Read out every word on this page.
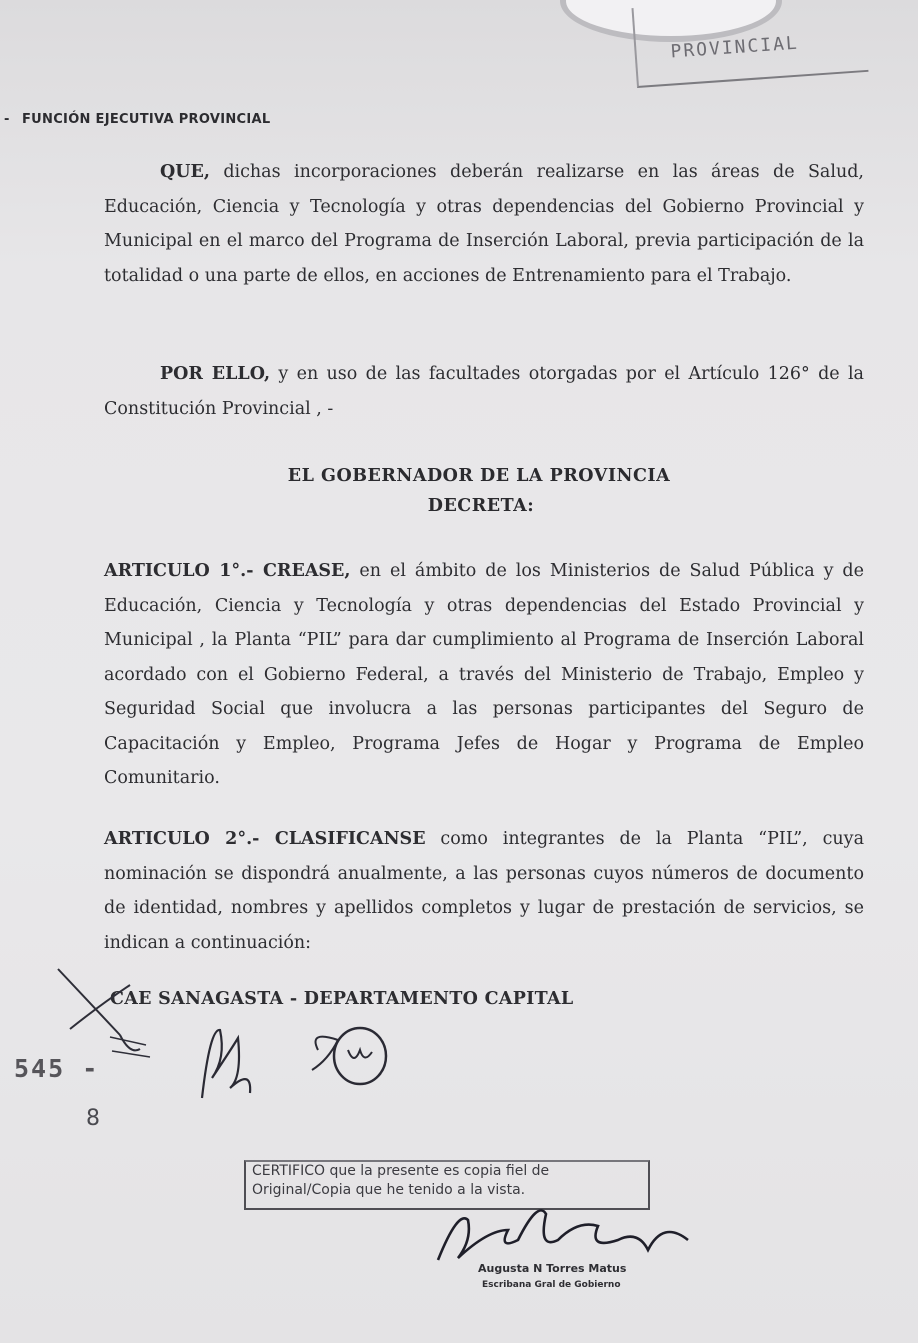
PROVINCIAL
- FUNCIÓN EJECUTIVA PROVINCIAL
QUE, dichas incorporaciones deberán realizarse en las áreas de Salud, Educación, Ciencia y Tecnología y otras dependencias del Gobierno Provincial y Municipal en el marco del Programa de Inserción Laboral, previa participación de la totalidad o una parte de ellos, en acciones de Entrenamiento para el Trabajo.
POR ELLO, y en uso de las facultades otorgadas por el Artículo 126° de la Constitución Provincial , -
EL GOBERNADOR DE LA PROVINCIA
DECRETA:
ARTICULO 1°.- CREASE, en el ámbito de los Ministerios de Salud Pública y de Educación, Ciencia y Tecnología y otras dependencias del Estado Provincial y Municipal , la Planta “PIL” para dar cumplimiento al Programa de Inserción Laboral acordado con el Gobierno Federal, a través del Ministerio de Trabajo, Empleo y Seguridad Social que involucra a las personas participantes del Seguro de Capacitación y Empleo, Programa Jefes de Hogar y Programa de Empleo Comunitario.
ARTICULO 2°.- CLASIFICANSE como integrantes de la Planta “PIL”, cuya nominación se dispondrá anualmente, a las personas cuyos números de documento de identidad, nombres y apellidos completos y lugar de prestación de servicios, se indican a continuación:
CAE SANAGASTA - DEPARTAMENTO CAPITAL
545 -
8
CERTIFICO que la presente es copia fiel de
Original/Copia que he tenido a la vista.
Augusta N Torres Matus
Escribana Gral de Gobierno
